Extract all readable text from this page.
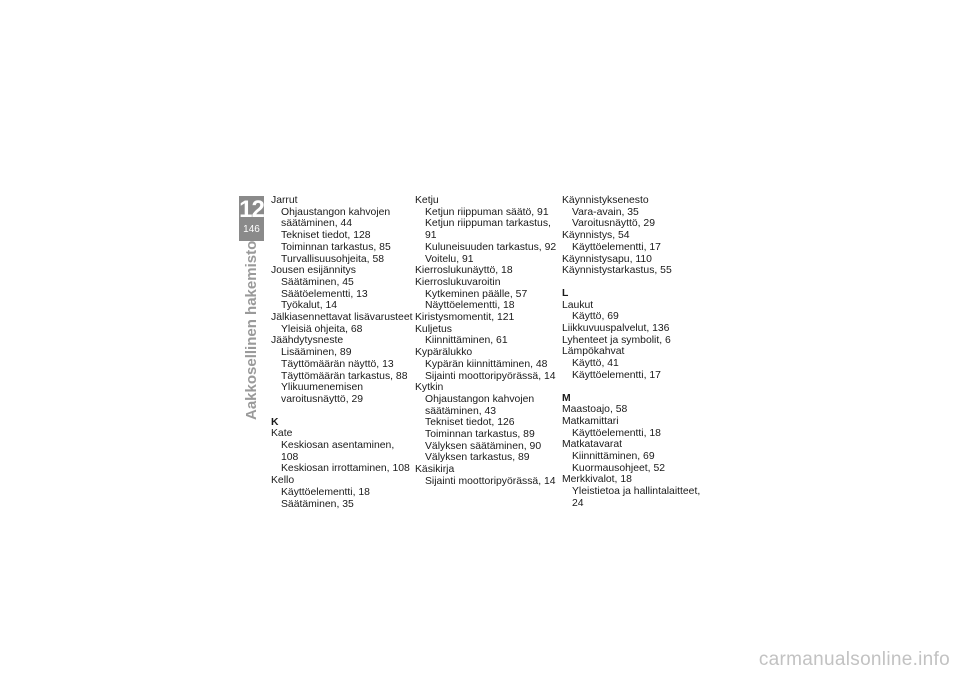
12
146
Aakkosellinen hakemisto
Jarrut
Ohjaustangon kahvojen
säätäminen, 44
Tekniset tiedot, 128
Toiminnan tarkastus, 85
Turvallisuusohjeita, 58
Jousen esijännitys
Säätäminen, 45
Säätöelementti, 13
Työkalut, 14
Jälkiasennettavat lisävarusteet
Yleisiä ohjeita, 68
Jäähdytysneste
Lisääminen, 89
Täyttömäärän näyttö, 13
Täyttömäärän tarkastus, 88
Ylikuumenemisen
varoitusnäyttö, 29
K
Kate
Keskiosan asentaminen, 108
Keskiosan irrottaminen, 108
Kello
Käyttöelementti, 18
Säätäminen, 35
Ketju
Ketjun riippuman säätö, 91
Ketjun riippuman tarkastus, 91
Kuluneisuuden tarkastus, 92
Voitelu, 91
Kierroslukunäyttö, 18
Kierroslukuvaroitin
Kytkeminen päälle, 57
Näyttöelementti, 18
Kiristysmomentit, 121
Kuljetus
Kiinnittäminen, 61
Kypärälukko
Kypärän kiinnittäminen, 48
Sijainti moottoripyörässä, 14
Kytkin
Ohjaustangon kahvojen
säätäminen, 43
Tekniset tiedot, 126
Toiminnan tarkastus, 89
Välyksen säätäminen, 90
Välyksen tarkastus, 89
Käsikirja
Sijainti moottoripyörässä, 14
Käynnistyksenesto
Vara-avain, 35
Varoitusnäyttö, 29
Käynnistys, 54
Käyttöelementti, 17
Käynnistysapu, 110
Käynnistystarkastus, 55
L
Laukut
Käyttö, 69
Liikkuvuuspalvelut, 136
Lyhenteet ja symbolit, 6
Lämpökahvat
Käyttö, 41
Käyttöelementti, 17
M
Maastoajo, 58
Matkamittari
Käyttöelementti, 18
Matkatavarat
Kiinnittäminen, 69
Kuormausohjeet, 52
Merkkivalot, 18
Yleistietoa ja hallintalaitteet, 24
carmanualsonline.info
